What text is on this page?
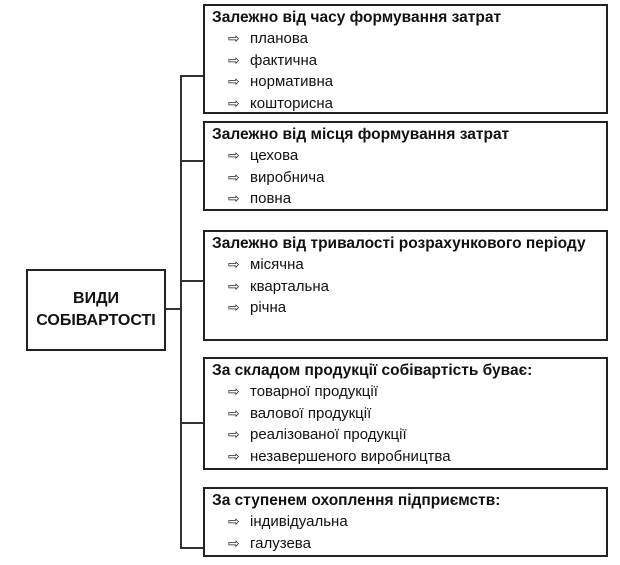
ВИДИ
СОБІВАРТОСТІ
Залежно від часу формування затрат
⇨ планова
⇨ фактична
⇨ нормативна
⇨ кошторисна
Залежно від місця формування затрат
⇨ цехова
⇨ виробнича
⇨ повна
Залежно від тривалості розрахункового періоду
⇨ місячна
⇨ квартальна
⇨ річна
За складом продукції собівартість буває:
⇨ товарної продукції
⇨ валової продукції
⇨ реалізованої продукції
⇨ незавершеного виробництва
За ступенем охоплення підприємств:
⇨ індивідуальна
⇨ галузева
